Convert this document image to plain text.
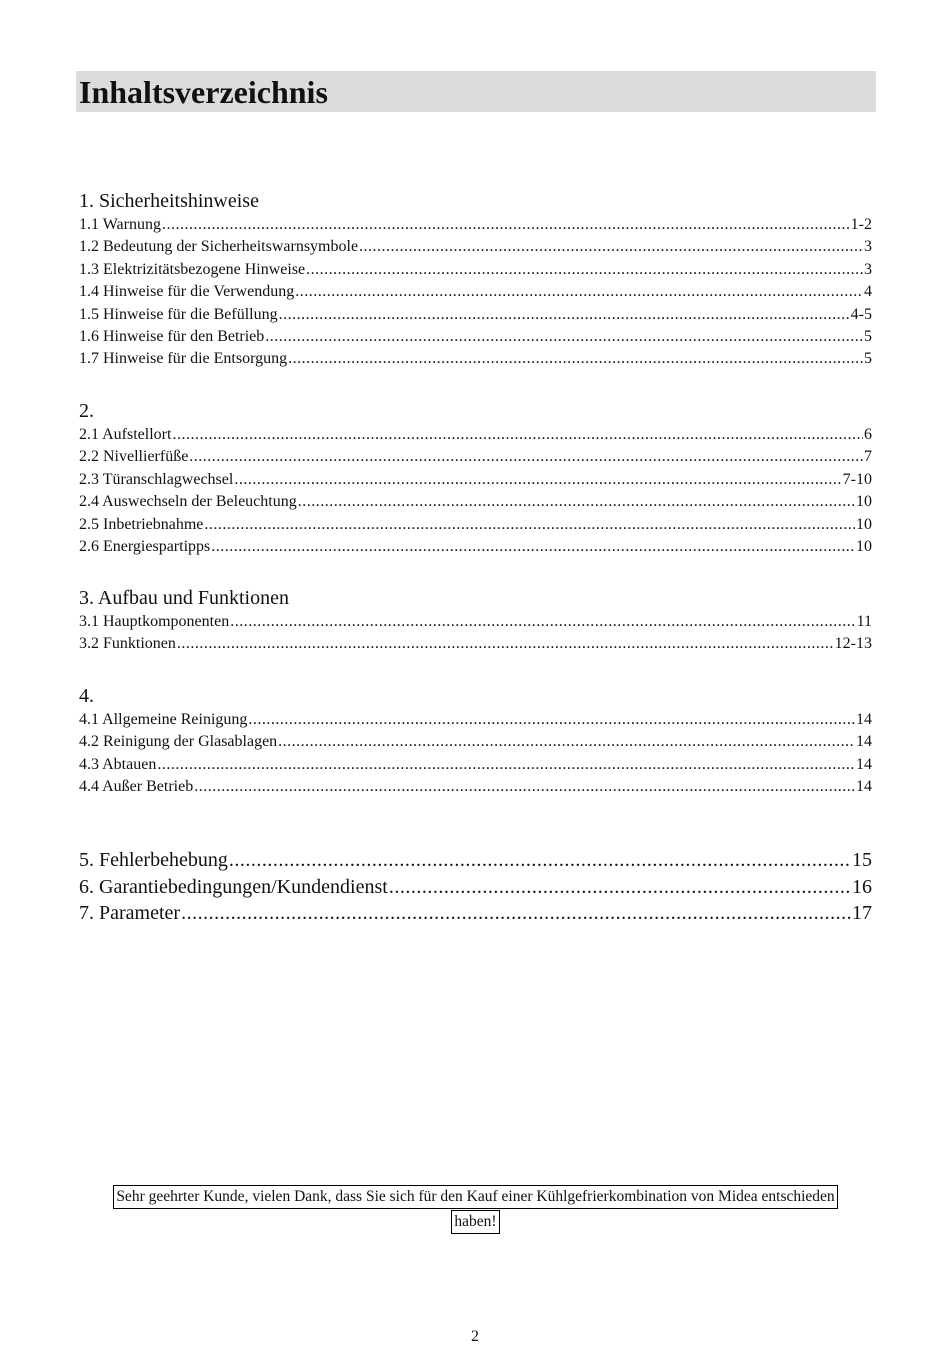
Inhaltsverzeichnis
1. Sicherheitshinweise
1.1 Warnung .....	1-2
1.2 Bedeutung der Sicherheitswarnsymbole .....	3
1.3 Elektrizitätsbezogene Hinweise .....	3
1.4 Hinweise für die Verwendung .....	4
1.5 Hinweise für die Befüllung .....	4-5
1.6 Hinweise für den Betrieb .....	5
1.7 Hinweise für die Entsorgung .....	5
2.
2.1 Aufstellort .....	6
2.2 Nivellierfüße .....	7
2.3 Türanschlagwechsel .....	7-10
2.4 Auswechseln der Beleuchtung .....	10
2.5 Inbetriebnahme .....	10
2.6 Energiespartipps .....	10
3. Aufbau und Funktionen
3.1 Hauptkomponenten .....	11
3.2 Funktionen .....	12-13
4.
4.1 Allgemeine Reinigung .....	14
4.2 Reinigung der Glasablagen .....	14
4.3 Abtauen .....	14
4.4 Außer Betrieb .....	14
5. Fehlerbehebung .....	15
6. Garantiebedingungen/Kundendienst .....	16
7. Parameter .....	17
Sehr geehrter Kunde, vielen Dank, dass Sie sich für den Kauf einer Kühlgefrierkombination von Midea entschieden
haben!
2
